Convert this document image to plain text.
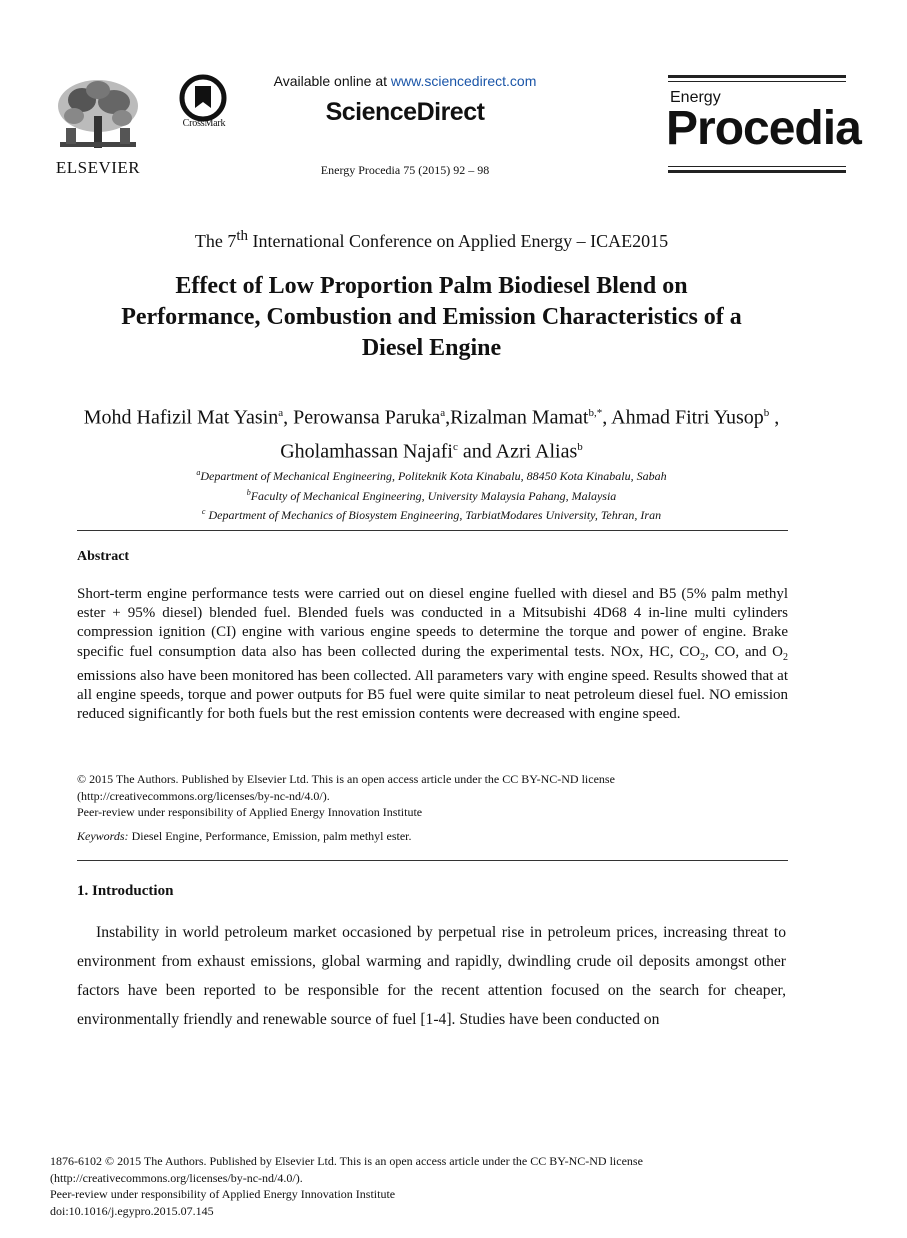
ELSEVIER
CrossMark
Available online at www.sciencedirect.com
ScienceDirect
Energy Procedia 75 (2015) 92 – 98
Energy
Procedia
The 7th International Conference on Applied Energy – ICAE2015
Effect of Low Proportion Palm Biodiesel Blend on
Performance, Combustion and Emission Characteristics of a
Diesel Engine
Mohd Hafizil Mat Yasin$^a$, Perowansa Paruka$^a$,Rizalman Mamat$^{b,*}$, Ahmad Fitri Yusop$^b$ , Gholamhassan Najafi$^c$ and Azri Alias$^b$
$^a$Department of Mechanical Engineering, Politeknik Kota Kinabalu, 88450 Kota Kinabalu, Sabah
$^b$Faculty of Mechanical Engineering, University Malaysia Pahang, Malaysia
$^c$ Department of Mechanics of Biosystem Engineering, TarbiatModares University, Tehran, Iran
Abstract
Short-term engine performance tests were carried out on diesel engine fuelled with diesel and B5 (5% palm methyl ester + 95% diesel) blended fuel. Blended fuels was conducted in a Mitsubishi 4D68 4 in-line multi cylinders compression ignition (CI) engine with various engine speeds to determine the torque and power of engine. Brake specific fuel consumption data also has been collected during the experimental tests. NOx, HC, $CO_2$, CO, and $O_2$ emissions also have been monitored has been collected. All parameters vary with engine speed. Results showed that at all engine speeds, torque and power outputs for B5 fuel were quite similar to neat petroleum diesel fuel. NO emission reduced significantly for both fuels but the rest emission contents were decreased with engine speed.
© 2015 The Authors. Published by Elsevier Ltd. This is an open access article under the CC BY-NC-ND license
(http://creativecommons.org/licenses/by-nc-nd/4.0/).
Peer-review under responsibility of Applied Energy Innovation Institute
Keywords: Diesel Engine, Performance, Emission, palm methyl ester.
1. Introduction
Instability in world petroleum market occasioned by perpetual rise in petroleum prices, increasing threat to environment from exhaust emissions, global warming and rapidly, dwindling crude oil deposits amongst other factors have been reported to be responsible for the recent attention focused on the search for cheaper, environmentally friendly and renewable source of fuel [1-4]. Studies have been conducted on
1876-6102 © 2015 The Authors. Published by Elsevier Ltd. This is an open access article under the CC BY-NC-ND license
(http://creativecommons.org/licenses/by-nc-nd/4.0/).
Peer-review under responsibility of Applied Energy Innovation Institute
doi:10.1016/j.egypro.2015.07.145
